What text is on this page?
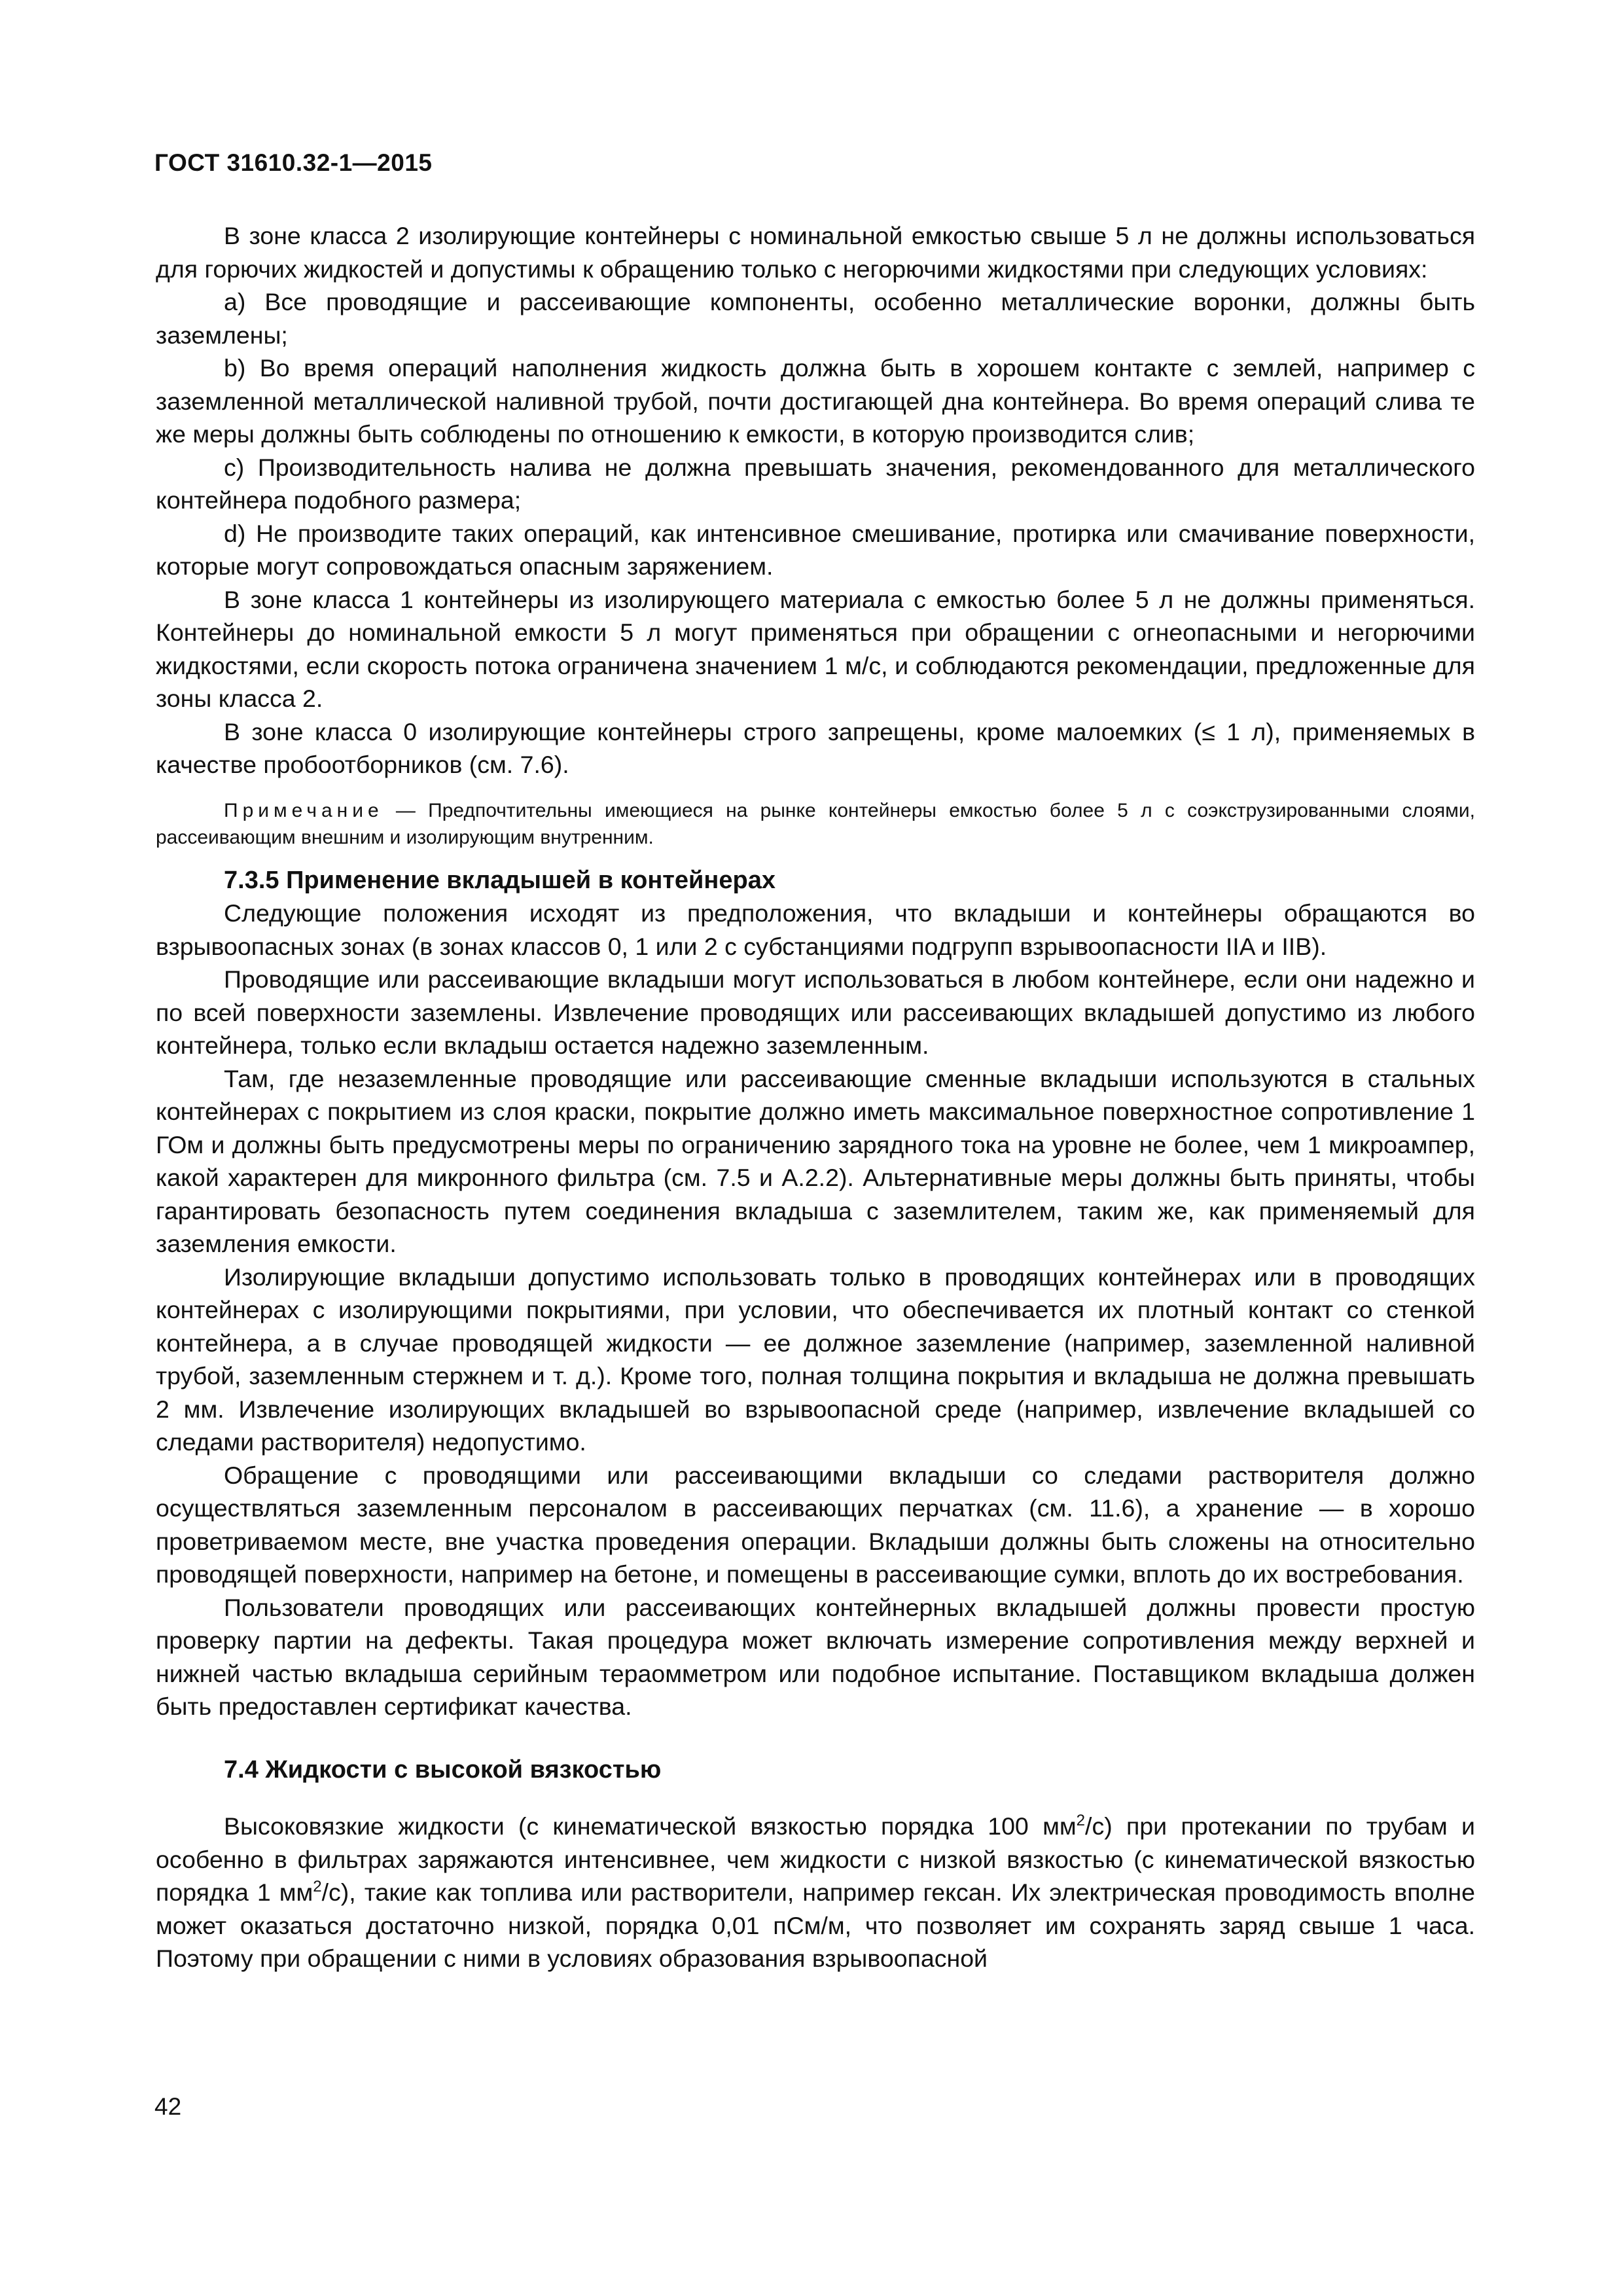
ГОСТ 31610.32-1—2015

В зоне класса 2 изолирующие контейнеры с номинальной емкостью свыше 5 л не должны использоваться для горючих жидкостей и допустимы к обращению только с негорючими жидкостями при следующих условиях:

a) Все проводящие и рассеивающие компоненты, особенно металлические воронки, должны быть заземлены;

b) Во время операций наполнения жидкость должна быть в хорошем контакте с землей, например с заземленной металлической наливной трубой, почти достигающей дна контейнера. Во время операций слива те же меры должны быть соблюдены по отношению к емкости, в которую производится слив;

c) Производительность налива не должна превышать значения, рекомендованного для металлического контейнера подобного размера;

d) Не производите таких операций, как интенсивное смешивание, протирка или смачивание поверхности, которые могут сопровождаться опасным заряжением.

В зоне класса 1 контейнеры из изолирующего материала с емкостью более 5 л не должны применяться. Контейнеры до номинальной емкости 5 л могут применяться при обращении с огнеопасными и негорючими жидкостями, если скорость потока ограничена значением 1 м/с, и соблюдаются рекомендации, предложенные для зоны класса 2.

В зоне класса 0 изолирующие контейнеры строго запрещены, кроме малоемких (≤ 1 л), применяемых в качестве пробоотборников (см. 7.6).

Примечание — Предпочтительны имеющиеся на рынке контейнеры емкостью более 5 л с соэкструзированными слоями, рассеивающим внешним и изолирующим внутренним.

7.3.5 Применение вкладышей в контейнерах

Следующие положения исходят из предположения, что вкладыши и контейнеры обращаются во взрывоопасных зонах (в зонах классов 0, 1 или 2 с субстанциями подгрупп взрывоопасности IIA и IIB).

Проводящие или рассеивающие вкладыши могут использоваться в любом контейнере, если они надежно и по всей поверхности заземлены. Извлечение проводящих или рассеивающих вкладышей допустимо из любого контейнера, только если вкладыш остается надежно заземленным.

Там, где незаземленные проводящие или рассеивающие сменные вкладыши используются в стальных контейнерах с покрытием из слоя краски, покрытие должно иметь максимальное поверхностное сопротивление 1 ГОм и должны быть предусмотрены меры по ограничению зарядного тока на уровне не более, чем 1 микроампер, какой характерен для микронного фильтра (см. 7.5 и А.2.2). Альтернативные меры должны быть приняты, чтобы гарантировать безопасность путем соединения вкладыша с заземлителем, таким же, как применяемый для заземления емкости.

Изолирующие вкладыши допустимо использовать только в проводящих контейнерах или в проводящих контейнерах с изолирующими покрытиями, при условии, что обеспечивается их плотный контакт со стенкой контейнера, а в случае проводящей жидкости — ее должное заземление (например, заземленной наливной трубой, заземленным стержнем и т. д.). Кроме того, полная толщина покрытия и вкладыша не должна превышать 2 мм. Извлечение изолирующих вкладышей во взрывоопасной среде (например, извлечение вкладышей со следами растворителя) недопустимо.

Обращение с проводящими или рассеивающими вкладыши со следами растворителя должно осуществляться заземленным персоналом в рассеивающих перчатках (см. 11.6), а хранение — в хорошо проветриваемом месте, вне участка проведения операции. Вкладыши должны быть сложены на относительно проводящей поверхности, например на бетоне, и помещены в рассеивающие сумки, вплоть до их востребования.

Пользователи проводящих или рассеивающих контейнерных вкладышей должны провести простую проверку партии на дефекты. Такая процедура может включать измерение сопротивления между верхней и нижней частью вкладыша серийным тераомметром или подобное испытание. Поставщиком вкладыша должен быть предоставлен сертификат качества.

7.4 Жидкости с высокой вязкостью

Высоковязкие жидкости (с кинематической вязкостью порядка 100 $мм^2/с$) при протекании по трубам и особенно в фильтрах заряжаются интенсивнее, чем жидкости с низкой вязкостью (с кинематической вязкостью порядка 1 $мм^2/с$), такие как топлива или растворители, например гексан. Их электрическая проводимость вполне может оказаться достаточно низкой, порядка 0,01 пСм/м, что позволяет им сохранять заряд свыше 1 часа. Поэтому при обращении с ними в условиях образования взрывоопасной

42
